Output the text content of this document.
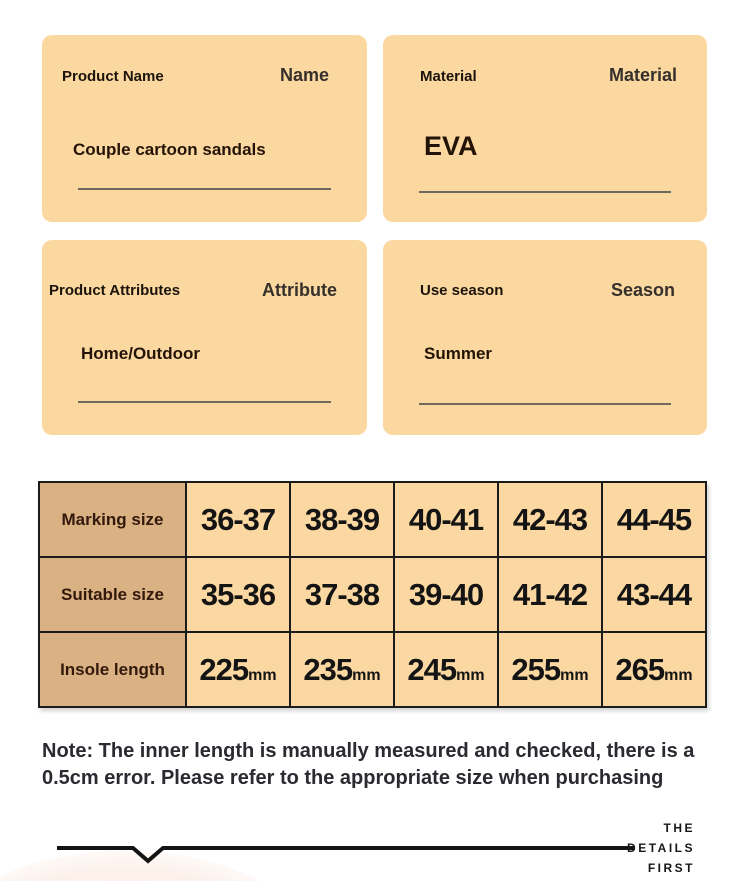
Product Name	Name
Couple cartoon sandals
Material	Material
EVA
Product Attributes	Attribute
Home/Outdoor
Use season	Season
Summer
Marking size	36-37	38-39	40-41	42-43	44-45
Suitable size	35-36	37-38	39-40	41-42	43-44
Insole length	225mm	235mm	245mm	255mm	265mm

Note: The inner length is manually measured and checked, there is a 0.5cm error. Please refer to the appropriate size when purchasing

THE
DETAILS
FIRST
